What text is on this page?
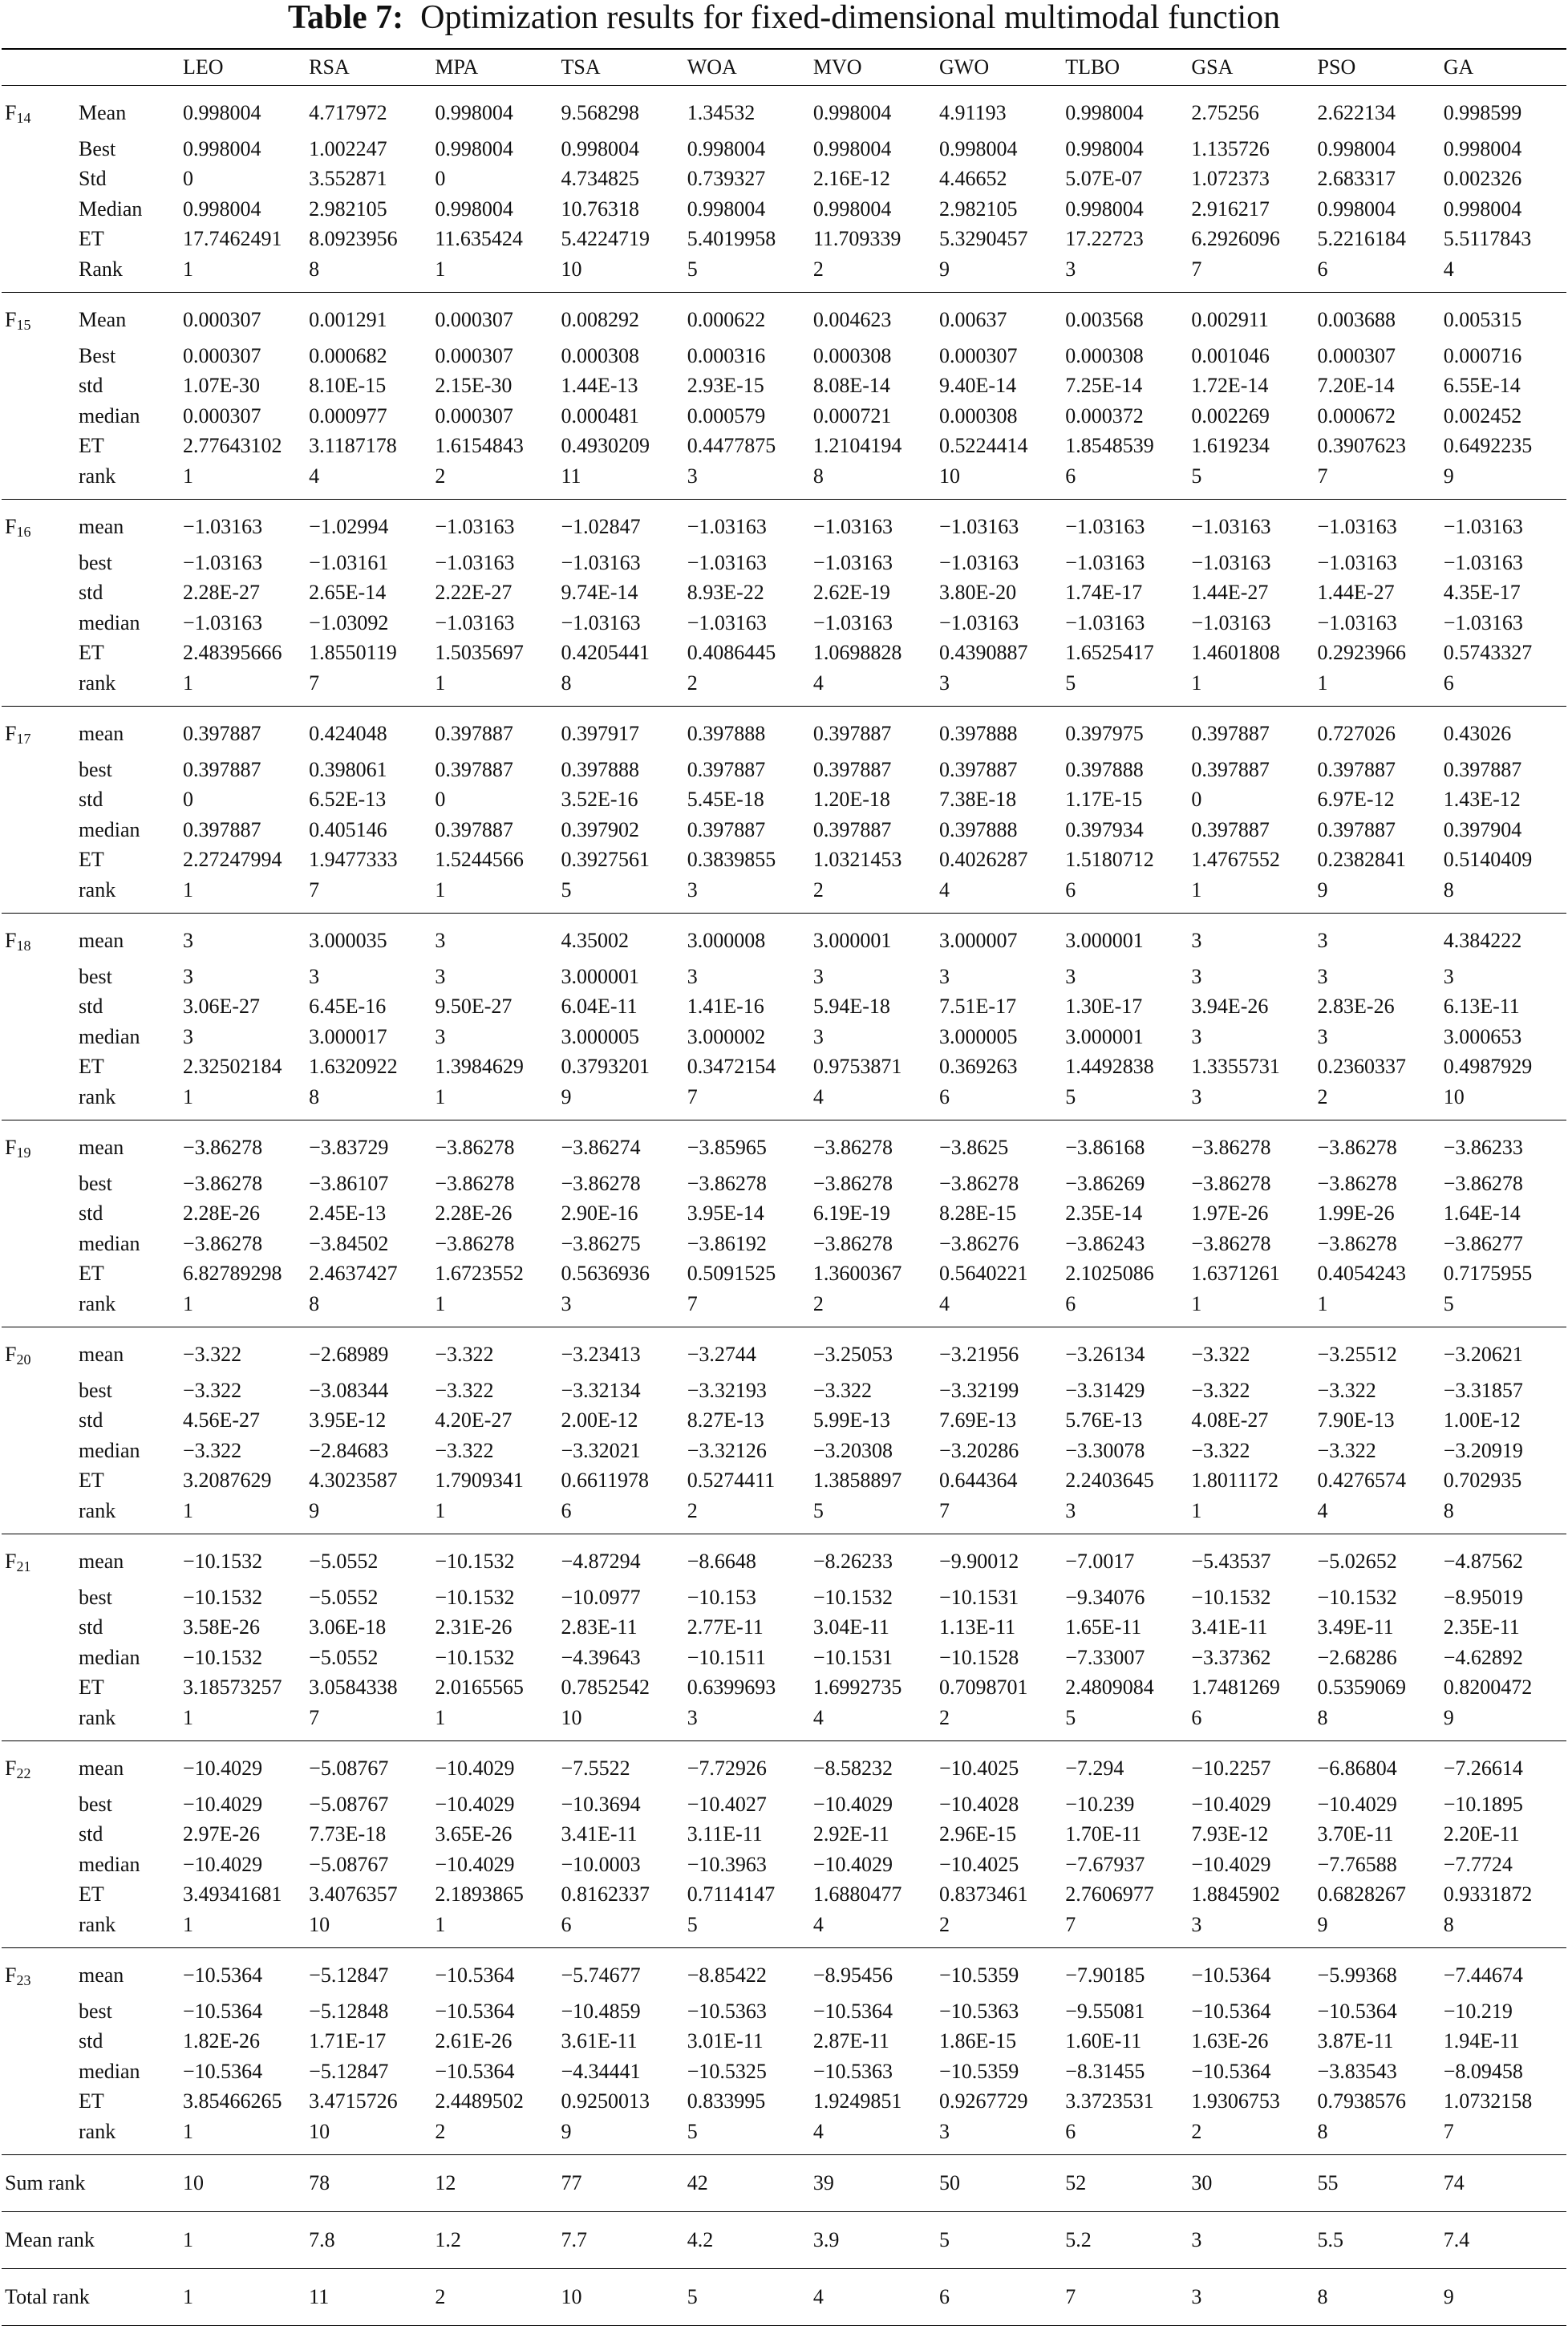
Table 7: Optimization results for fixed-dimensional multimodal function
		LEO	RSA	MPA	TSA	WOA	MVO	GWO	TLBO	GSA	PSO	GA
$F_{14}$	Mean	0.998004	4.717972	0.998004	9.568298	1.34532	0.998004	4.91193	0.998004	2.75256	2.622134	0.998599
	Best	0.998004	1.002247	0.998004	0.998004	0.998004	0.998004	0.998004	0.998004	1.135726	0.998004	0.998004
	Std	0	3.552871	0	4.734825	0.739327	2.16E-12	4.46652	5.07E-07	1.072373	2.683317	0.002326
	Median	0.998004	2.982105	0.998004	10.76318	0.998004	0.998004	2.982105	0.998004	2.916217	0.998004	0.998004
	ET	17.7462491	8.0923956	11.635424	5.4224719	5.4019958	11.709339	5.3290457	17.22723	6.2926096	5.2216184	5.5117843
	Rank	1	8	1	10	5	2	9	3	7	6	4
$F_{15}$	Mean	0.000307	0.001291	0.000307	0.008292	0.000622	0.004623	0.00637	0.003568	0.002911	0.003688	0.005315
	Best	0.000307	0.000682	0.000307	0.000308	0.000316	0.000308	0.000307	0.000308	0.001046	0.000307	0.000716
	std	1.07E-30	8.10E-15	2.15E-30	1.44E-13	2.93E-15	8.08E-14	9.40E-14	7.25E-14	1.72E-14	7.20E-14	6.55E-14
	median	0.000307	0.000977	0.000307	0.000481	0.000579	0.000721	0.000308	0.000372	0.002269	0.000672	0.002452
	ET	2.77643102	3.1187178	1.6154843	0.4930209	0.4477875	1.2104194	0.5224414	1.8548539	1.619234	0.3907623	0.6492235
	rank	1	4	2	11	3	8	10	6	5	7	9
$F_{16}$	mean	−1.03163	−1.02994	−1.03163	−1.02847	−1.03163	−1.03163	−1.03163	−1.03163	−1.03163	−1.03163	−1.03163
	best	−1.03163	−1.03161	−1.03163	−1.03163	−1.03163	−1.03163	−1.03163	−1.03163	−1.03163	−1.03163	−1.03163
	std	2.28E-27	2.65E-14	2.22E-27	9.74E-14	8.93E-22	2.62E-19	3.80E-20	1.74E-17	1.44E-27	1.44E-27	4.35E-17
	median	−1.03163	−1.03092	−1.03163	−1.03163	−1.03163	−1.03163	−1.03163	−1.03163	−1.03163	−1.03163	−1.03163
	ET	2.48395666	1.8550119	1.5035697	0.4205441	0.4086445	1.0698828	0.4390887	1.6525417	1.4601808	0.2923966	0.5743327
	rank	1	7	1	8	2	4	3	5	1	1	6
$F_{17}$	mean	0.397887	0.424048	0.397887	0.397917	0.397888	0.397887	0.397888	0.397975	0.397887	0.727026	0.43026
	best	0.397887	0.398061	0.397887	0.397888	0.397887	0.397887	0.397887	0.397888	0.397887	0.397887	0.397887
	std	0	6.52E-13	0	3.52E-16	5.45E-18	1.20E-18	7.38E-18	1.17E-15	0	6.97E-12	1.43E-12
	median	0.397887	0.405146	0.397887	0.397902	0.397887	0.397887	0.397888	0.397934	0.397887	0.397887	0.397904
	ET	2.27247994	1.9477333	1.5244566	0.3927561	0.3839855	1.0321453	0.4026287	1.5180712	1.4767552	0.2382841	0.5140409
	rank	1	7	1	5	3	2	4	6	1	9	8
$F_{18}$	mean	3	3.000035	3	4.35002	3.000008	3.000001	3.000007	3.000001	3	3	4.384222
	best	3	3	3	3.000001	3	3	3	3	3	3	3
	std	3.06E-27	6.45E-16	9.50E-27	6.04E-11	1.41E-16	5.94E-18	7.51E-17	1.30E-17	3.94E-26	2.83E-26	6.13E-11
	median	3	3.000017	3	3.000005	3.000002	3	3.000005	3.000001	3	3	3.000653
	ET	2.32502184	1.6320922	1.3984629	0.3793201	0.3472154	0.9753871	0.369263	1.4492838	1.3355731	0.2360337	0.4987929
	rank	1	8	1	9	7	4	6	5	3	2	10
$F_{19}$	mean	−3.86278	−3.83729	−3.86278	−3.86274	−3.85965	−3.86278	−3.8625	−3.86168	−3.86278	−3.86278	−3.86233
	best	−3.86278	−3.86107	−3.86278	−3.86278	−3.86278	−3.86278	−3.86278	−3.86269	−3.86278	−3.86278	−3.86278
	std	2.28E-26	2.45E-13	2.28E-26	2.90E-16	3.95E-14	6.19E-19	8.28E-15	2.35E-14	1.97E-26	1.99E-26	1.64E-14
	median	−3.86278	−3.84502	−3.86278	−3.86275	−3.86192	−3.86278	−3.86276	−3.86243	−3.86278	−3.86278	−3.86277
	ET	6.82789298	2.4637427	1.6723552	0.5636936	0.5091525	1.3600367	0.5640221	2.1025086	1.6371261	0.4054243	0.7175955
	rank	1	8	1	3	7	2	4	6	1	1	5
$F_{20}$	mean	−3.322	−2.68989	−3.322	−3.23413	−3.2744	−3.25053	−3.21956	−3.26134	−3.322	−3.25512	−3.20621
	best	−3.322	−3.08344	−3.322	−3.32134	−3.32193	−3.322	−3.32199	−3.31429	−3.322	−3.322	−3.31857
	std	4.56E-27	3.95E-12	4.20E-27	2.00E-12	8.27E-13	5.99E-13	7.69E-13	5.76E-13	4.08E-27	7.90E-13	1.00E-12
	median	−3.322	−2.84683	−3.322	−3.32021	−3.32126	−3.20308	−3.20286	−3.30078	−3.322	−3.322	−3.20919
	ET	3.2087629	4.3023587	1.7909341	0.6611978	0.5274411	1.3858897	0.644364	2.2403645	1.8011172	0.4276574	0.702935
	rank	1	9	1	6	2	5	7	3	1	4	8
$F_{21}$	mean	−10.1532	−5.0552	−10.1532	−4.87294	−8.6648	−8.26233	−9.90012	−7.0017	−5.43537	−5.02652	−4.87562
	best	−10.1532	−5.0552	−10.1532	−10.0977	−10.153	−10.1532	−10.1531	−9.34076	−10.1532	−10.1532	−8.95019
	std	3.58E-26	3.06E-18	2.31E-26	2.83E-11	2.77E-11	3.04E-11	1.13E-11	1.65E-11	3.41E-11	3.49E-11	2.35E-11
	median	−10.1532	−5.0552	−10.1532	−4.39643	−10.1511	−10.1531	−10.1528	−7.33007	−3.37362	−2.68286	−4.62892
	ET	3.18573257	3.0584338	2.0165565	0.7852542	0.6399693	1.6992735	0.7098701	2.4809084	1.7481269	0.5359069	0.8200472
	rank	1	7	1	10	3	4	2	5	6	8	9
$F_{22}$	mean	−10.4029	−5.08767	−10.4029	−7.5522	−7.72926	−8.58232	−10.4025	−7.294	−10.2257	−6.86804	−7.26614
	best	−10.4029	−5.08767	−10.4029	−10.3694	−10.4027	−10.4029	−10.4028	−10.239	−10.4029	−10.4029	−10.1895
	std	2.97E-26	7.73E-18	3.65E-26	3.41E-11	3.11E-11	2.92E-11	2.96E-15	1.70E-11	7.93E-12	3.70E-11	2.20E-11
	median	−10.4029	−5.08767	−10.4029	−10.0003	−10.3963	−10.4029	−10.4025	−7.67937	−10.4029	−7.76588	−7.7724
	ET	3.49341681	3.4076357	2.1893865	0.8162337	0.7114147	1.6880477	0.8373461	2.7606977	1.8845902	0.6828267	0.9331872
	rank	1	10	1	6	5	4	2	7	3	9	8
$F_{23}$	mean	−10.5364	−5.12847	−10.5364	−5.74677	−8.85422	−8.95456	−10.5359	−7.90185	−10.5364	−5.99368	−7.44674
	best	−10.5364	−5.12848	−10.5364	−10.4859	−10.5363	−10.5364	−10.5363	−9.55081	−10.5364	−10.5364	−10.219
	std	1.82E-26	1.71E-17	2.61E-26	3.61E-11	3.01E-11	2.87E-11	1.86E-15	1.60E-11	1.63E-26	3.87E-11	1.94E-11
	median	−10.5364	−5.12847	−10.5364	−4.34441	−10.5325	−10.5363	−10.5359	−8.31455	−10.5364	−3.83543	−8.09458
	ET	3.85466265	3.4715726	2.4489502	0.9250013	0.833995	1.9249851	0.9267729	3.3723531	1.9306753	0.7938576	1.0732158
	rank	1	10	2	9	5	4	3	6	2	8	7
Sum rank		10	78	12	77	42	39	50	52	30	55	74
Mean rank		1	7.8	1.2	7.7	4.2	3.9	5	5.2	3	5.5	7.4
Total rank		1	11	2	10	5	4	6	7	3	8	9
